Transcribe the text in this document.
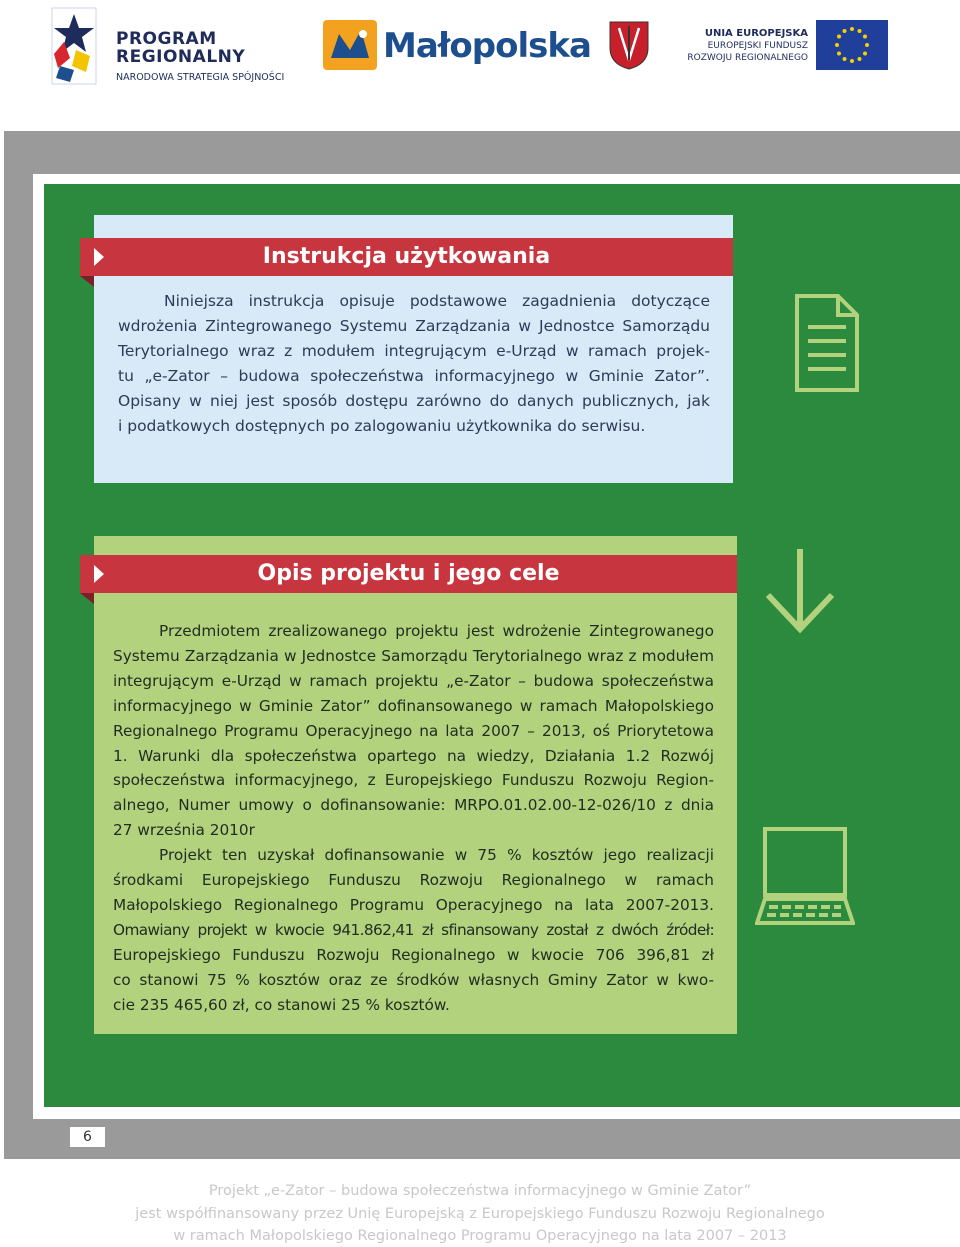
PROGRAM
REGIONALNY
NARODOWA STRATEGIA SPÓJNOŚCI
Małopolska	UNIA EUROPEJSKA
EUROPEJSKI FUNDUSZ
ROZWOJU REGIONALNEGO
Instrukcja użytkowania
Niniejsza instrukcja opisuje podstawowe zagadnienia dotyczące
wdrożenia Zintegrowanego Systemu Zarządzania w Jednostce Samorządu
Terytorialnego wraz z modułem integrującym e-Urząd w ramach projek-
tu „e-Zator – budowa społeczeństwa informacyjnego w Gminie Zator”.
Opisany w niej jest sposób dostępu zarówno do danych publicznych, jak
i podatkowych dostępnych po zalogowaniu użytkownika do serwisu.
Opis projektu i jego cele
Przedmiotem zrealizowanego projektu jest wdrożenie Zintegrowanego
Systemu Zarządzania w Jednostce Samorządu Terytorialnego wraz z modułem
integrującym e-Urząd w ramach projektu „e-Zator – budowa społeczeństwa
informacyjnego w Gminie Zator” dofinansowanego w ramach Małopolskiego
Regionalnego Programu Operacyjnego na lata 2007 – 2013, oś Priorytetowa
1. Warunki dla społeczeństwa opartego na wiedzy, Działania 1.2 Rozwój
społeczeństwa informacyjnego, z Europejskiego Funduszu Rozwoju Region-
alnego, Numer umowy o dofinansowanie: MRPO.01.02.00-12-026/10 z dnia
27 września 2010r
Projekt ten uzyskał dofinansowanie w 75 % kosztów jego realizacji
środkami Europejskiego Funduszu Rozwoju Regionalnego w ramach
Małopolskiego Regionalnego Programu Operacyjnego na lata 2007-2013.
Omawiany projekt w kwocie 941.862,41 zł sfinansowany został z dwóch źródeł:
Europejskiego Funduszu Rozwoju Regionalnego w kwocie 706 396,81 zł
co stanowi 75 % kosztów oraz ze środków własnych Gminy Zator w kwo-
cie 235 465,60 zł, co stanowi 25 % kosztów.
6
Projekt „e-Zator – budowa społeczeństwa informacyjnego w Gminie Zator”
jest współfinansowany przez Unię Europejską z Europejskiego Funduszu Rozwoju Regionalnego
w ramach Małopolskiego Regionalnego Programu Operacyjnego na lata 2007 – 2013
